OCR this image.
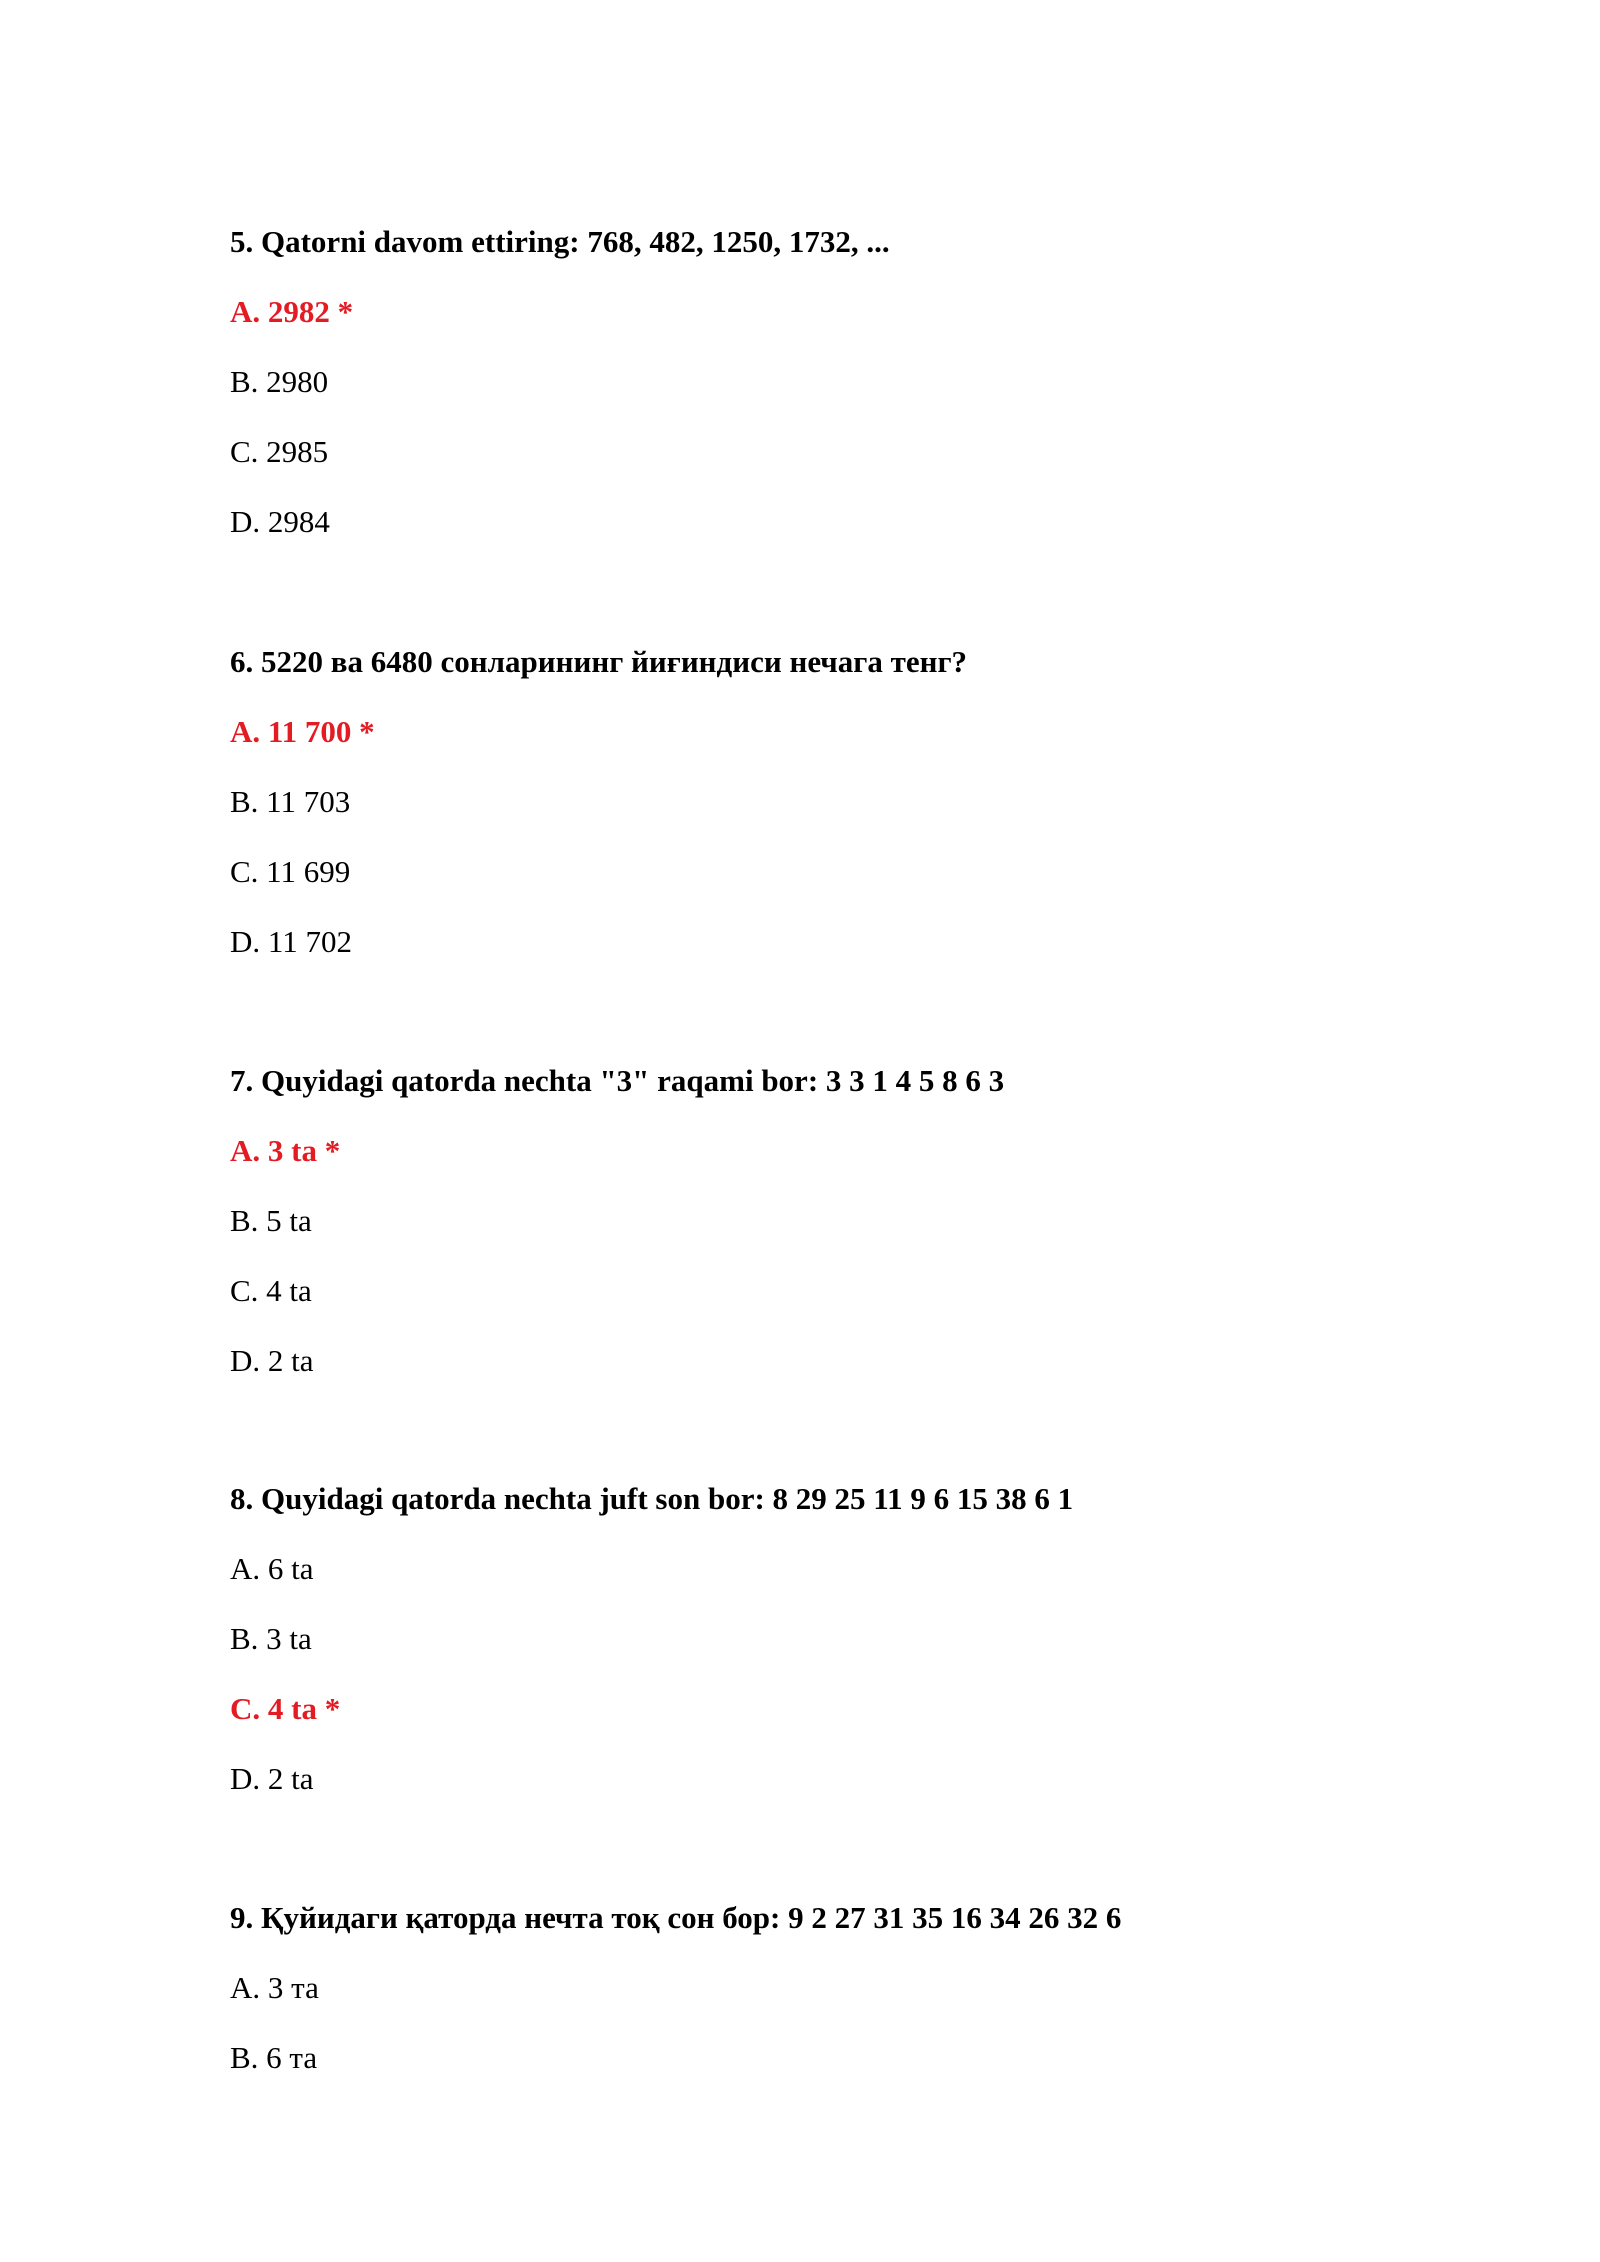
5. Qatorni davom ettiring: 768, 482, 1250, 1732, ...
A. 2982 *
B. 2980
C. 2985
D. 2984
6. 5220 ва 6480 сонларининг йиғиндиси нечага тенг?
A. 11 700 *
B. 11 703
C. 11 699
D. 11 702
7. Quyidagi qatorda nechta "3" raqami bor: 3 3 1 4 5 8 6 3
A. 3 ta *
B. 5 ta
C. 4 ta
D. 2 ta
8. Quyidagi qatorda nechta juft son bor: 8 29 25 11 9 6 15 38 6 1
A. 6 ta
B. 3 ta
C. 4 ta *
D. 2 ta
9. Қуйидаги қаторда нечта тоқ сон бор: 9 2 27 31 35 16 34 26 32 6
A. 3 та
B. 6 та
